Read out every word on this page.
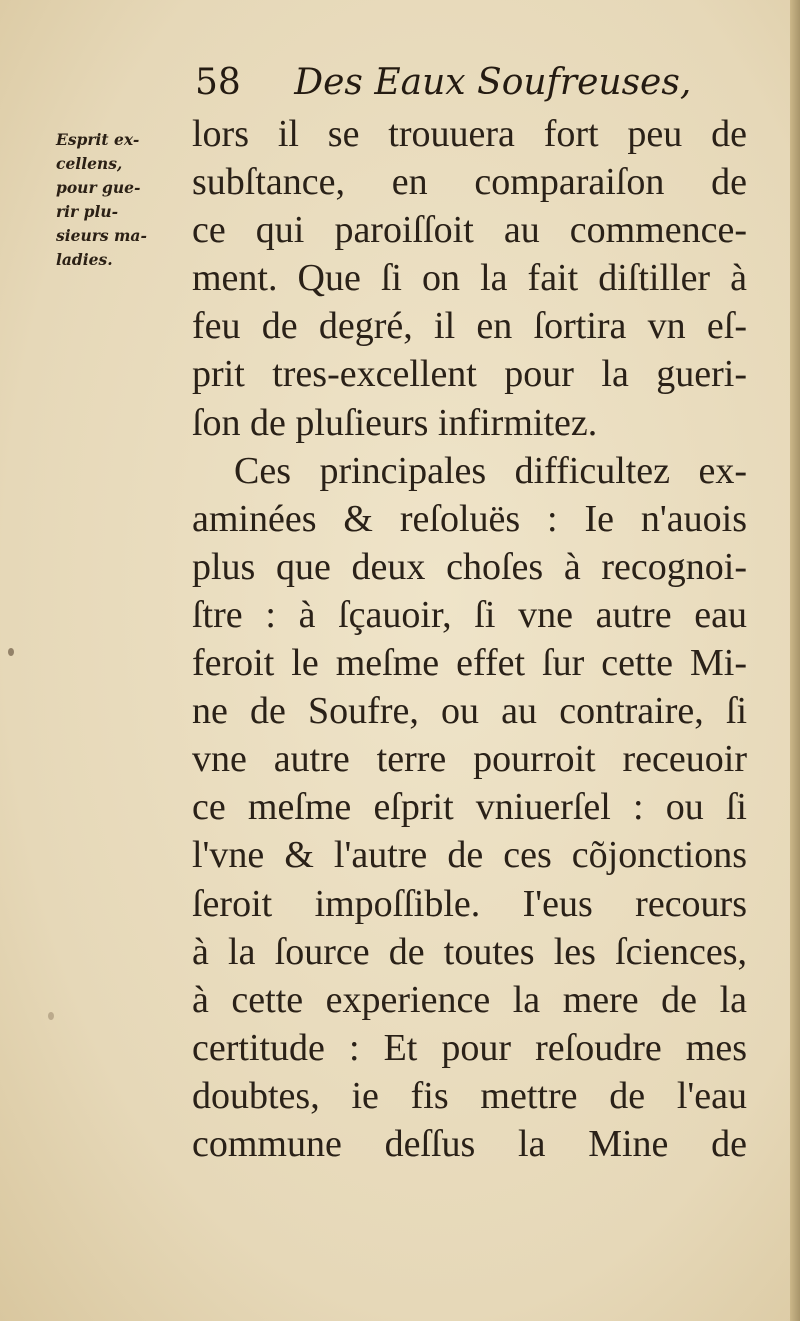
58 Des Eaux Soufreuses,
Esprit ex-
cellens,
pour gue-
rir plu-
sieurs ma-
ladies.
lors il se trouuera fort peu de
subſtance, en comparaiſon de
ce qui paroiſſoit au commence-
ment. Que ſi on la fait diſtiller à
feu de degré, il en ſortira vn eſ-
prit tres-excellent pour la gueri-
ſon de pluſieurs infirmitez.
Ces principales difficultez ex-
aminées & reſoluës : Ie n'auois
plus que deux choſes à recognoi-
ſtre : à ſçauoir, ſi vne autre eau
feroit le meſme effet ſur cette Mi-
ne de Soufre, ou au contraire, ſi
vne autre terre pourroit receuoir
ce meſme eſprit vniuerſel : ou ſi
l'vne & l'autre de ces cõjonctions
ſeroit impoſſible. I'eus recours
à la ſource de toutes les ſciences,
à cette experience la mere de la
certitude : Et pour reſoudre mes
doubtes, ie fis mettre de l'eau
commune deſſus la Mine de
